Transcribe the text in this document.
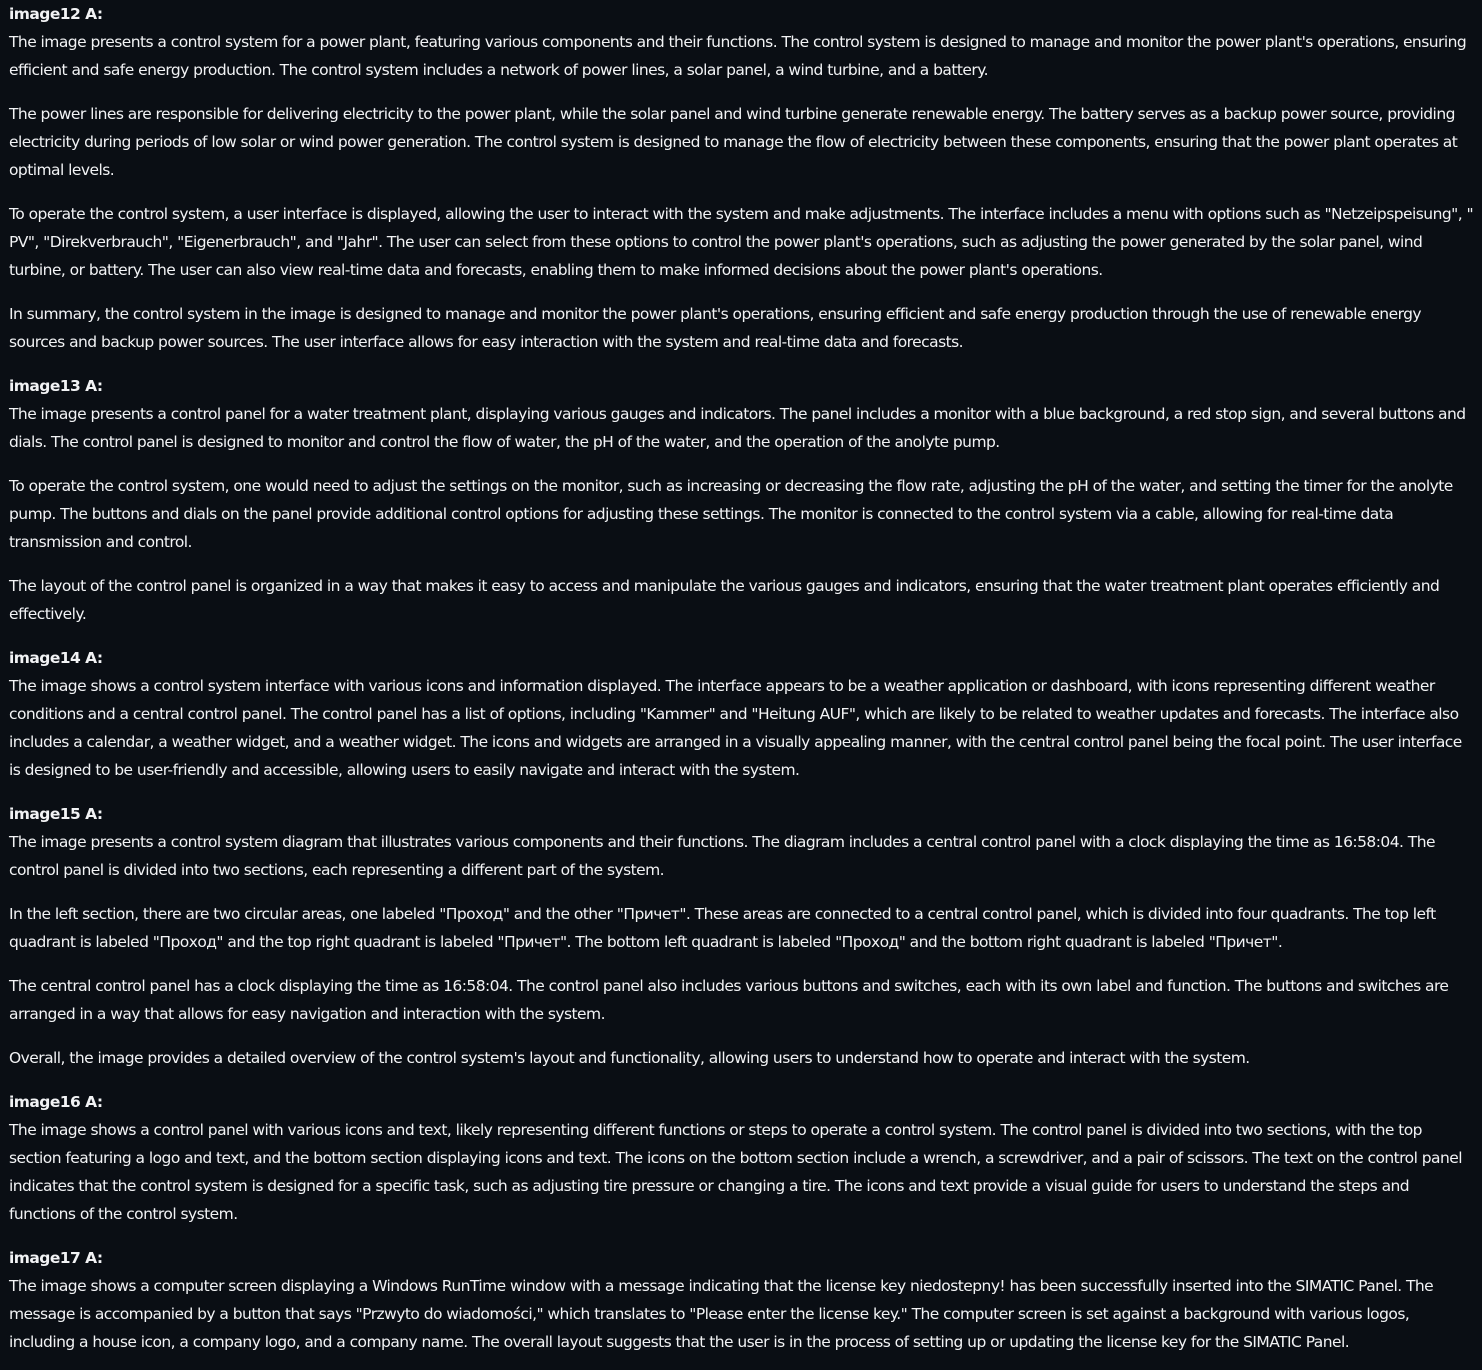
image12 A:

The image presents a control system for a power plant, featuring various components and their functions. The control system is designed to manage and monitor the power plant's operations, ensuring efficient and safe energy production. The control system includes a network of power lines, a solar panel, a wind turbine, and a battery.

The power lines are responsible for delivering electricity to the power plant, while the solar panel and wind turbine generate renewable energy. The battery serves as a backup power source, providing electricity during periods of low solar or wind power generation. The control system is designed to manage the flow of electricity between these components, ensuring that the power plant operates at optimal levels.

To operate the control system, a user interface is displayed, allowing the user to interact with the system and make adjustments. The interface includes a menu with options such as "Netzeipspeisung", " PV", "Direkverbrauch", "Eigenerbrauch", and "Jahr". The user can select from these options to control the power plant's operations, such as adjusting the power generated by the solar panel, wind turbine, or battery. The user can also view real-time data and forecasts, enabling them to make informed decisions about the power plant's operations.

In summary, the control system in the image is designed to manage and monitor the power plant's operations, ensuring efficient and safe energy production through the use of renewable energy sources and backup power sources. The user interface allows for easy interaction with the system and real-time data and forecasts.

image13 A:

The image presents a control panel for a water treatment plant, displaying various gauges and indicators. The panel includes a monitor with a blue background, a red stop sign, and several buttons and dials. The control panel is designed to monitor and control the flow of water, the pH of the water, and the operation of the anolyte pump.

To operate the control system, one would need to adjust the settings on the monitor, such as increasing or decreasing the flow rate, adjusting the pH of the water, and setting the timer for the anolyte pump. The buttons and dials on the panel provide additional control options for adjusting these settings. The monitor is connected to the control system via a cable, allowing for real-time data transmission and control.

The layout of the control panel is organized in a way that makes it easy to access and manipulate the various gauges and indicators, ensuring that the water treatment plant operates efficiently and effectively.

image14 A:

The image shows a control system interface with various icons and information displayed. The interface appears to be a weather application or dashboard, with icons representing different weather conditions and a central control panel. The control panel has a list of options, including "Kammer" and "Heitung AUF", which are likely to be related to weather updates and forecasts. The interface also includes a calendar, a weather widget, and a weather widget. The icons and widgets are arranged in a visually appealing manner, with the central control panel being the focal point. The user interface is designed to be user-friendly and accessible, allowing users to easily navigate and interact with the system.

image15 A:

The image presents a control system diagram that illustrates various components and their functions. The diagram includes a central control panel with a clock displaying the time as 16:58:04. The control panel is divided into two sections, each representing a different part of the system.

In the left section, there are two circular areas, one labeled "Проход" and the other "Причет". These areas are connected to a central control panel, which is divided into four quadrants. The top left quadrant is labeled "Проход" and the top right quadrant is labeled "Причет". The bottom left quadrant is labeled "Проход" and the bottom right quadrant is labeled "Причет".

The central control panel has a clock displaying the time as 16:58:04. The control panel also includes various buttons and switches, each with its own label and function. The buttons and switches are arranged in a way that allows for easy navigation and interaction with the system.

Overall, the image provides a detailed overview of the control system's layout and functionality, allowing users to understand how to operate and interact with the system.

image16 A:

The image shows a control panel with various icons and text, likely representing different functions or steps to operate a control system. The control panel is divided into two sections, with the top section featuring a logo and text, and the bottom section displaying icons and text. The icons on the bottom section include a wrench, a screwdriver, and a pair of scissors. The text on the control panel indicates that the control system is designed for a specific task, such as adjusting tire pressure or changing a tire. The icons and text provide a visual guide for users to understand the steps and functions of the control system.

image17 A:

The image shows a computer screen displaying a Windows RunTime window with a message indicating that the license key niedostepny! has been successfully inserted into the SIMATIC Panel. The message is accompanied by a button that says "Przwyto do wiadomości," which translates to "Please enter the license key." The computer screen is set against a background with various logos, including a house icon, a company logo, and a company name. The overall layout suggests that the user is in the process of setting up or updating the license key for the SIMATIC Panel.
